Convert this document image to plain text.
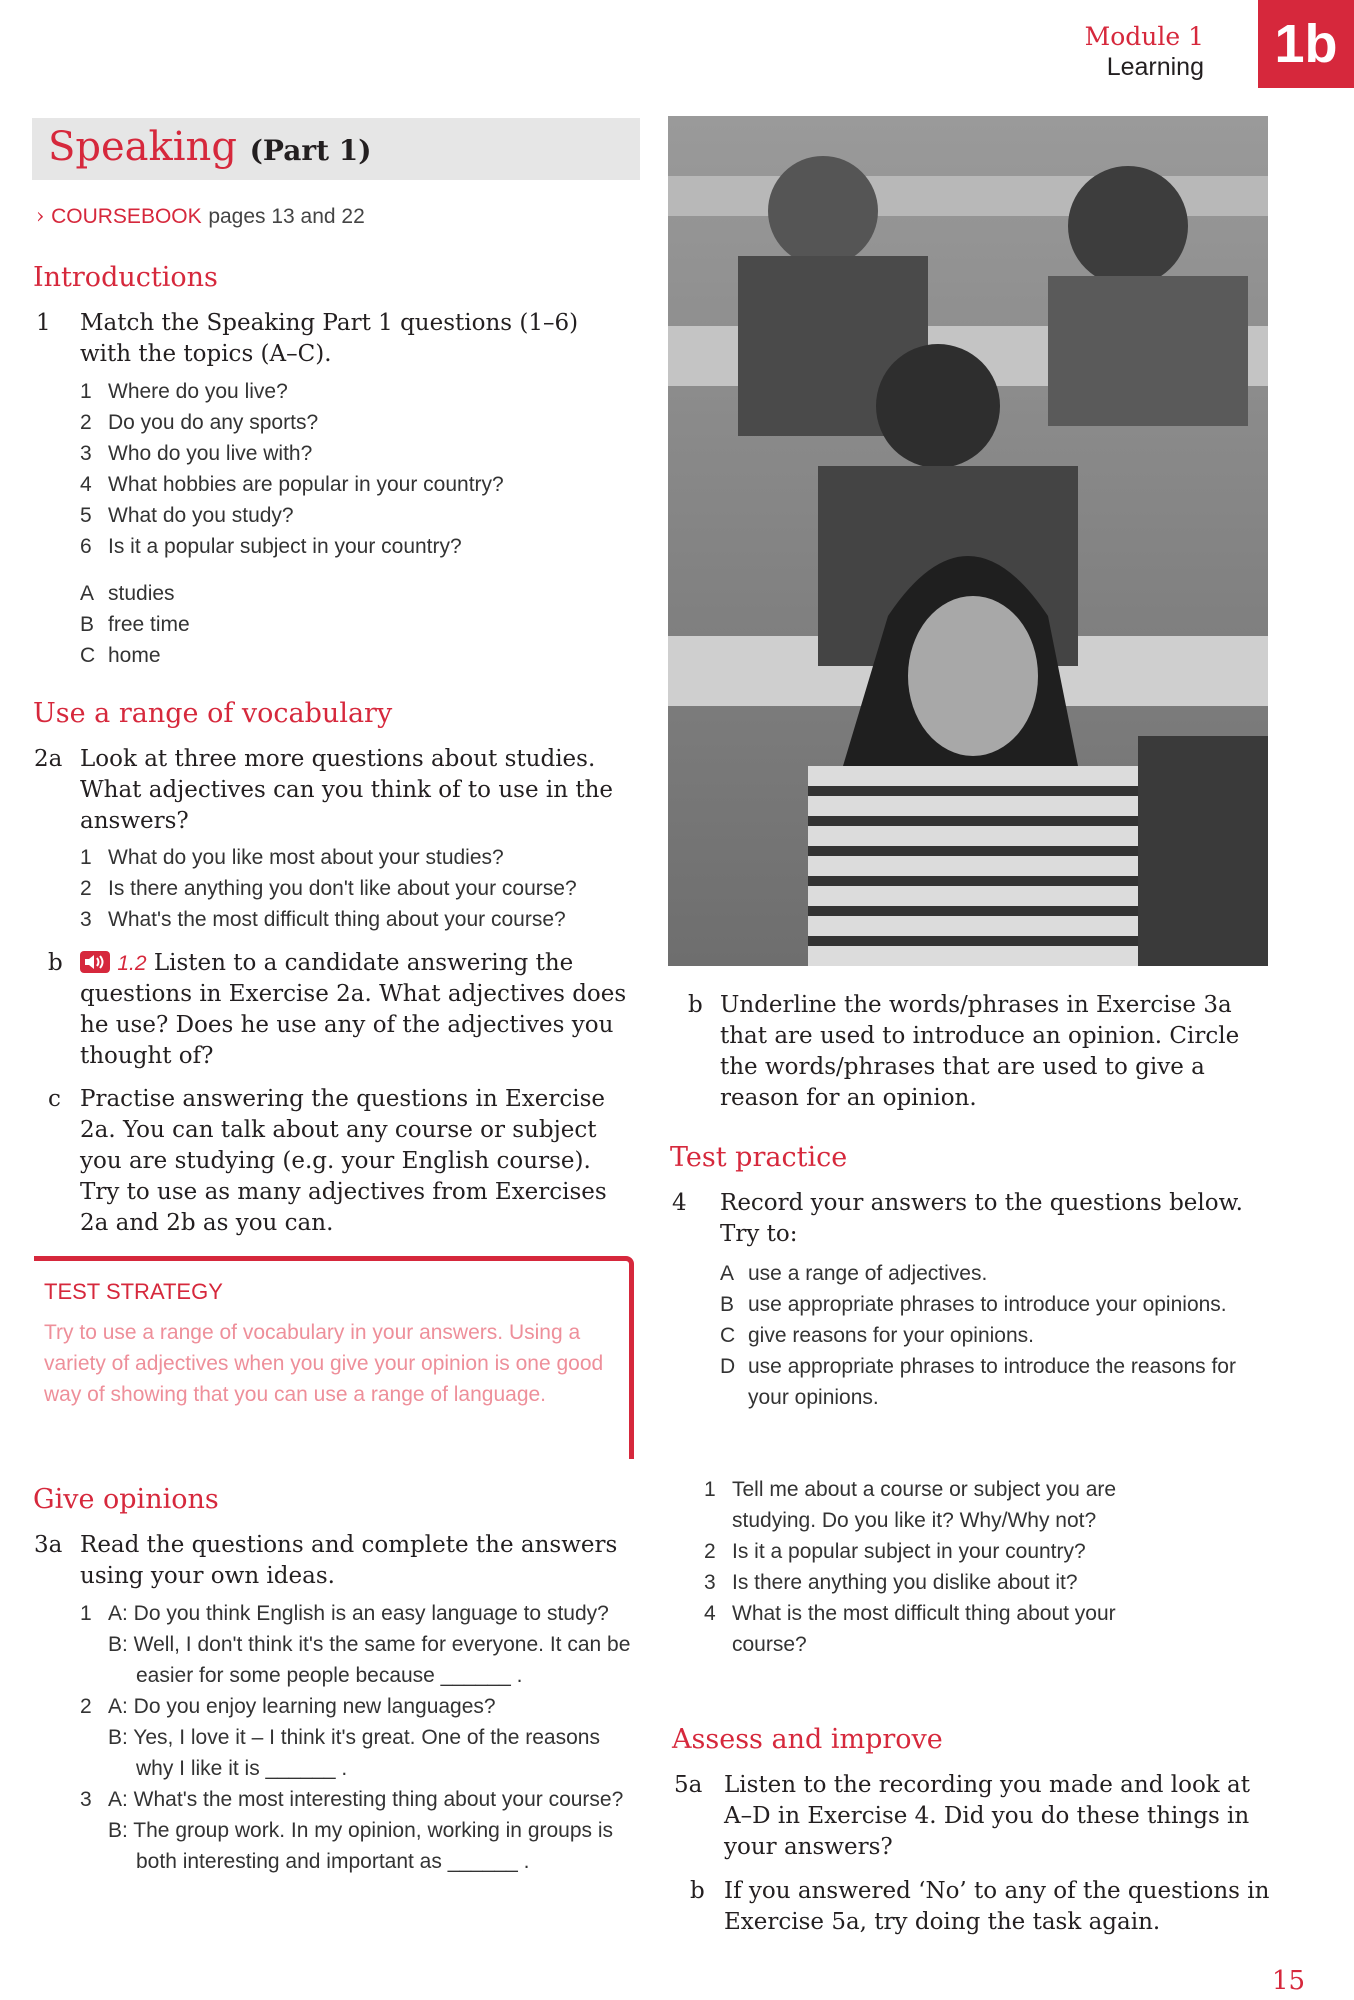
Module 1
Learning	1b
Speaking (Part 1)
› COURSEBOOK pages 13 and 22
Introductions
1 Match the Speaking Part 1 questions (1–6) with the topics (A–C).
1 Where do you live?
2 Do you do any sports?
3 Who do you live with?
4 What hobbies are popular in your country?
5 What do you study?
6 Is it a popular subject in your country?
A studies
B free time
C home
Use a range of vocabulary
2a Look at three more questions about studies. What adjectives can you think of to use in the answers?
1 What do you like most about your studies?
2 Is there anything you don't like about your course?
3 What's the most difficult thing about your course?
b	1.2 Listen to a candidate answering the questions in Exercise 2a. What adjectives does he use? Does he use any of the adjectives you thought of?
c Practise answering the questions in Exercise 2a. You can talk about any course or subject you are studying (e.g. your English course). Try to use as many adjectives from Exercises 2a and 2b as you can.
TEST STRATEGY
Try to use a range of vocabulary in your answers. Using a variety of adjectives when you give your opinion is one good way of showing that you can use a range of language.
Give opinions
3a Read the questions and complete the answers using your own ideas.
1 A: Do you think English is an easy language to study?
B: Well, I don't think it's the same for everyone. It can be easier for some people because ______ .
2 A: Do you enjoy learning new languages?
B: Yes, I love it – I think it's great. One of the reasons why I like it is ______ .
3 A: What's the most interesting thing about your course?
B: The group work. In my opinion, working in groups is both interesting and important as ______ .
b Underline the words/phrases in Exercise 3a that are used to introduce an opinion. Circle the words/phrases that are used to give a reason for an opinion.
Test practice
4 Record your answers to the questions below. Try to:
A use a range of adjectives.
B use appropriate phrases to introduce your opinions.
C give reasons for your opinions.
D use appropriate phrases to introduce the reasons for your opinions.
1 Tell me about a course or subject you are studying. Do you like it? Why/Why not?
2 Is it a popular subject in your country?
3 Is there anything you dislike about it?
4 What is the most difficult thing about your course?
Assess and improve
5a Listen to the recording you made and look at A–D in Exercise 4. Did you do these things in your answers?
b If you answered ‘No’ to any of the questions in Exercise 5a, try doing the task again.
15
